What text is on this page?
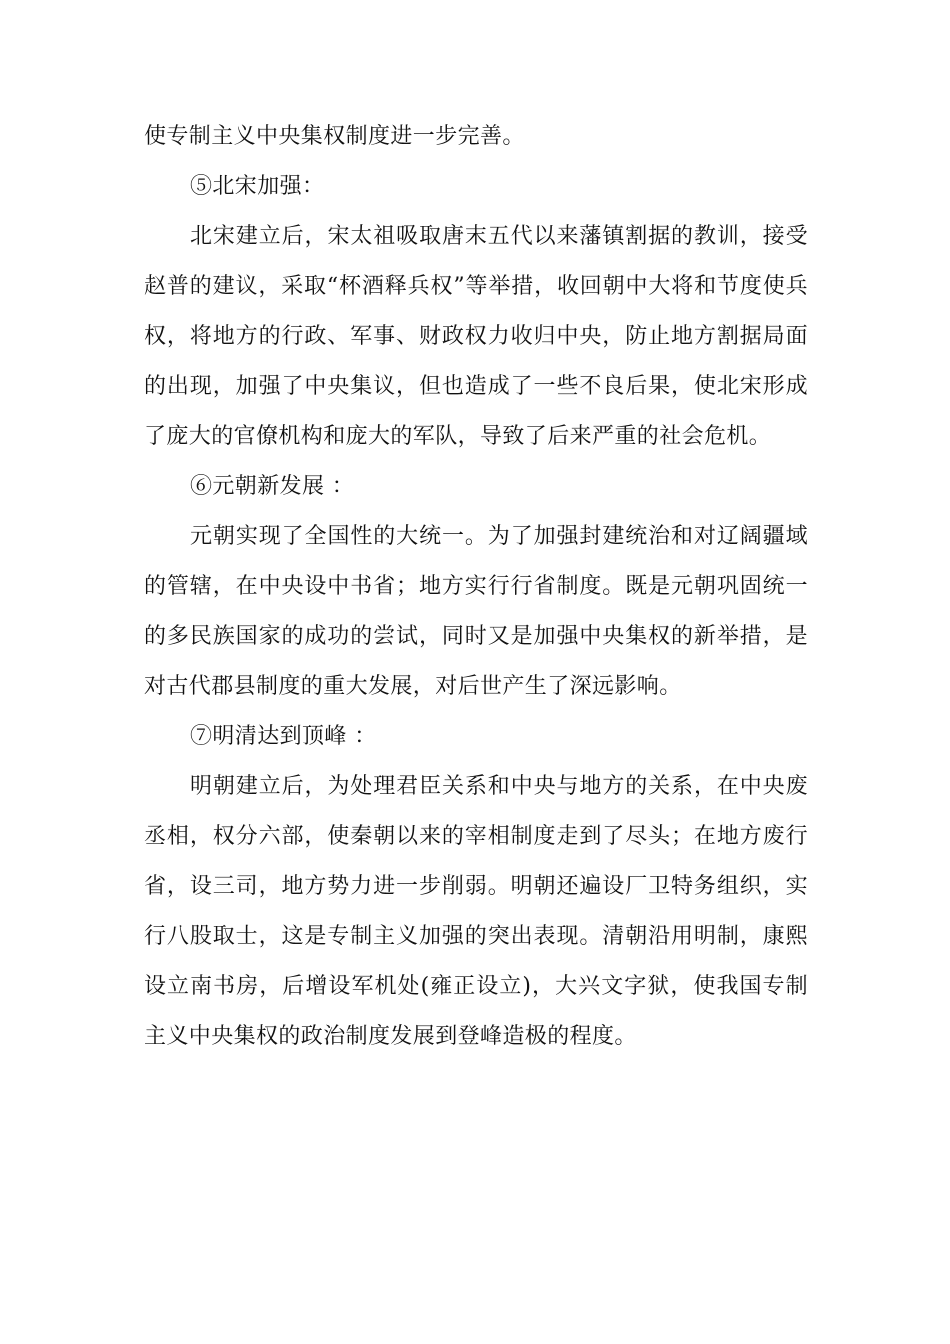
使专制主义中央集权制度进一步完善。

⑤北宋加强：

北宋建立后，宋太祖吸取唐末五代以来藩镇割据的教训，接受赵普的建议，采取“杯酒释兵权”等举措，收回朝中大将和节度使兵权，将地方的行政、军事、财政权力收归中央，防止地方割据局面的出现，加强了中央集议，但也造成了一些不良后果，使北宋形成了庞大的官僚机构和庞大的军队，导致了后来严重的社会危机。

⑥元朝新发展 ：

元朝实现了全国性的大统一。为了加强封建统治和对辽阔疆域的管辖，在中央设中书省；地方实行行省制度。既是元朝巩固统一的多民族国家的成功的尝试，同时又是加强中央集权的新举措，是对古代郡县制度的重大发展，对后世产生了深远影响。

⑦明清达到顶峰 ：

明朝建立后，为处理君臣关系和中央与地方的关系，在中央废丞相，权分六部，使秦朝以来的宰相制度走到了尽头；在地方废行省，设三司，地方势力进一步削弱。明朝还遍设厂卫特务组织，实行八股取士，这是专制主义加强的突出表现。清朝沿用明制，康熙设立南书房，后增设军机处(雍正设立)，大兴文字狱，使我国专制主义中央集权的政治制度发展到登峰造极的程度。
